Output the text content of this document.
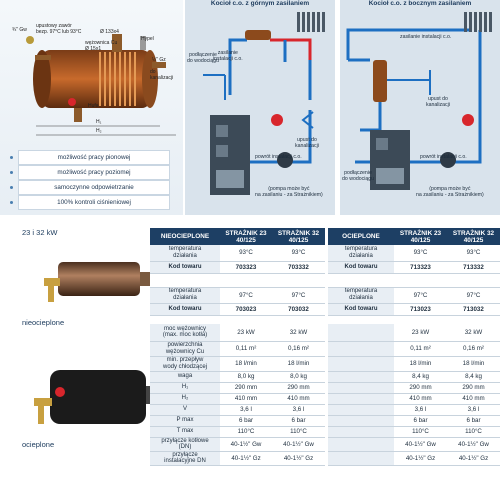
¾" Gw
upustowy zawór
bezp. 97°C lub 93°C	Ø 133x4
wężownica Cu
Ø 15x1
Hypel
½" Gz
do
kanalizacji
Hufa
H₁
H₂
możliwość pracy pionowej
możliwość pracy poziomej
samoczynne odpowietrzanie
100% kontroli ciśnieniowej
Kocioł c.o. z górnym zasilaniem
zasilanie
instalacji c.o.
podłączenie
do wodociągu
upust do
kanalizacji
powrót instalacji c.o.
(pompa może być
na zasilaniu - za Strażnikiem)
Kocioł c.o. z bocznym zasilaniem
zasilanie instalacji c.o.
podłączenie
do wodociągu
upust do
kanalizacji
powrót instalacji c.o.
(pompa może być
na zasilaniu - za Strażnikiem)
23 i 32 kW
nieocieplone
ocieplone
NIEOCIEPLONE	STRAŻNIK 23
40/125	STRAŻNIK 32
40/125
temperatura
działania	93°C	93°C
Kod towaru	703323	703332

temperatura
działania	97°C	97°C
Kod towaru	703023	703032
OCIEPLONE	STRAŻNIK 23
40/125	STRAŻNIK 32
40/125
temperatura
działania	93°C	93°C
Kod towaru	713323	713332

temperatura
działania	97°C	97°C
Kod towaru	713023	713032
moc wężownicy
(max. moc kotła)	23 kW	32 kW
powierzchnia
wężownicy Cu	0,11 m²	0,16 m²
min. przepływ
wody chłodzącej	18 l/min	18 l/min
waga	8,0 kg	8,0 kg
H₁	290 mm	290 mm
H₂	410 mm	410 mm
V	3,6 l	3,6 l
P max	6 bar	6 bar
T max	110°C	110°C
przyłącze kotłowe
(DN)	40-1½" Gw	40-1½" Gw
przyłącze
instalacyjne DN	40-1½" Gz	40-1½" Gz
	23 kW	32 kW
	0,11 m²	0,16 m²
	18 l/min	18 l/min
	8,4 kg	8,4 kg
	290 mm	290 mm
	410 mm	410 mm
	3,6 l	3,6 l
	6 bar	6 bar
	110°C	110°C
	40-1½" Gw	40-1½" Gw
	40-1½" Gz	40-1½" Gz
